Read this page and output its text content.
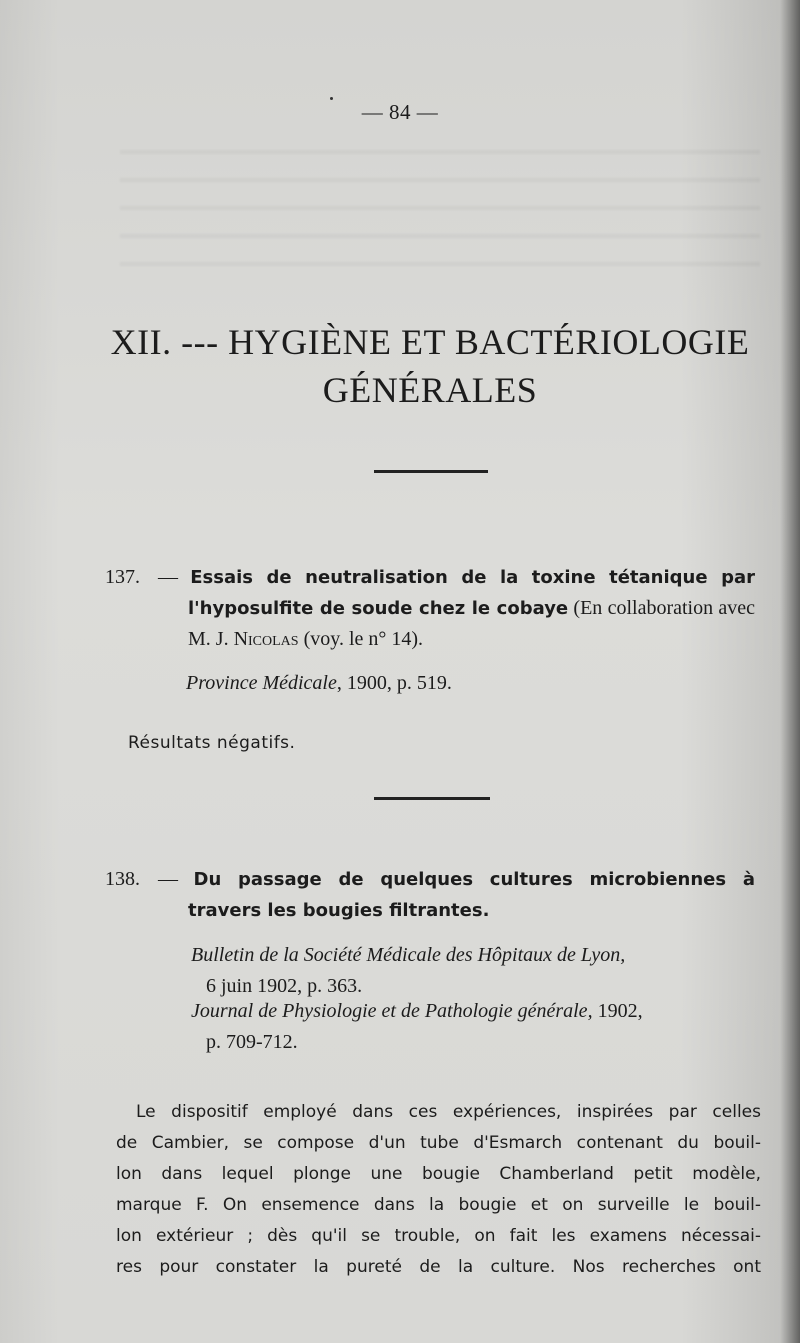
— 84 —
XII. --- HYGIÈNE ET BACTÉRIOLOGIE
GÉNÉRALES
137. — Essais de neutralisation de la toxine tétanique par l'hyposulfite de soude chez le cobaye (En collaboration avec M. J. Nicolas (voy. le n° 14).
Province Médicale, 1900, p. 519.
Résultats négatifs.
138. — Du passage de quelques cultures microbiennes à travers les bougies filtrantes.
Bulletin de la Société Médicale des Hôpitaux de Lyon,
6 juin 1902, p. 363.
Journal de Physiologie et de Pathologie générale, 1902,
p. 709-712.
Le dispositif employé dans ces expériences, inspirées par celles
de Cambier, se compose d'un tube d'Esmarch contenant du bouil-
lon dans lequel plonge une bougie Chamberland petit modèle,
marque F. On ensemence dans la bougie et on surveille le bouil-
lon extérieur ; dès qu'il se trouble, on fait les examens nécessai-
res pour constater la pureté de la culture. Nos recherches ont
